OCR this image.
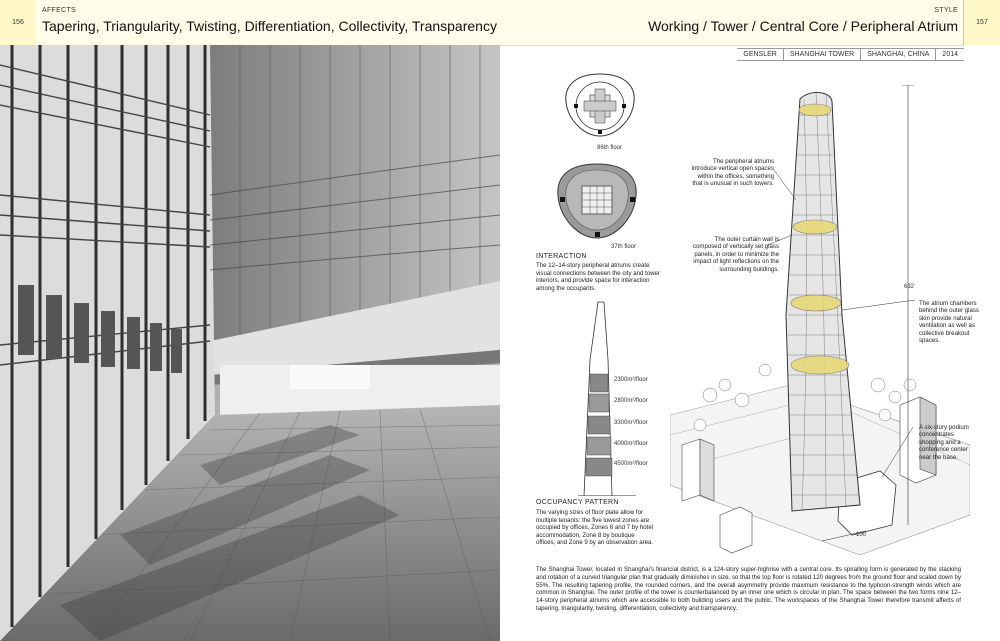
156
AFFECTS
Tapering, Triangularity, Twisting, Differentiation, Collectivity, Transparency
STYLE
Working / Tower / Central Core / Peripheral Atrium	157
GENSLER	SHANGHAI TOWER	SHANGHAI, CHINA	2014
86th floor
37th floor
INTERACTION
The 12–14-story peripheral atriums create visual connections between the city and tower interiors, and provide space for interaction among the occupants.
2300m²/floor
2800m²/floor
3300m²/floor
4000m²/floor
4500m²/floor
OCCUPANCY PATTERN
The varying sizes of floor plate allow for multiple tenants: the five lowest zones are occupied by offices, Zones 6 and 7 by hotel accommodation, Zone 8 by boutique offices, and Zone 9 by an observation area.
The peripheral atriums introduce vertical open spaces within the offices, something that is unusual in such towers.
The outer curtain wall is composed of vertically set glass panels, in order to minimize the impact of light reflections on the surrounding buildings.
The atrium chambers behind the outer glass skin provide natural ventilation as well as collective breakout spaces.
A six-story podium concentrates shopping and a conference center near the base.
632
100
The Shanghai Tower, located in Shanghai's financial district, is a 124-story super-highrise with a central core. Its spiralling form is generated by the stacking and rotation of a curved triangular plan that gradually diminishes in size, so that the top floor is rotated 120 degrees from the ground floor and scaled down by 55%. The resulting tapering profile, the rounded corners, and the overall asymmetry provide maximum resistance to the typhoon-strength winds which are common in Shanghai. The outer profile of the tower is counterbalanced by an inner one which is circular in plan. The space between the two forms nine 12–14-story peripheral atriums which are accessible to both building users and the public. The workspaces of the Shanghai Tower therefore transmit affects of tapering, triangularity, twisting, differentiation, collectivity and transparency.
